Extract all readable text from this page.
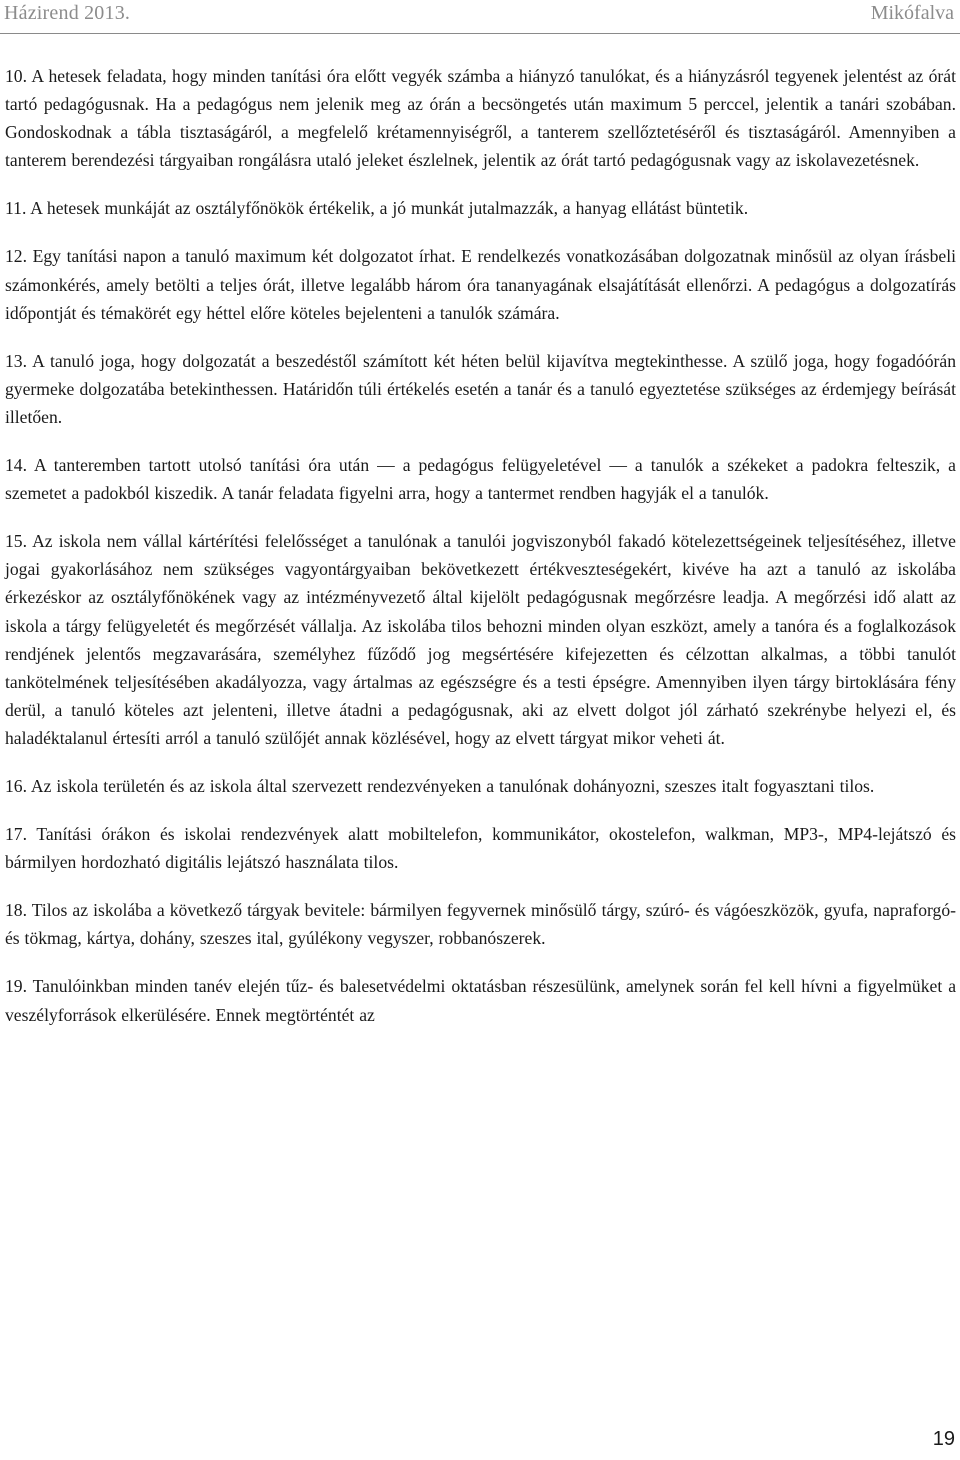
Házirend 2013.	Mikófalva

10. A hetesek feladata, hogy minden tanítási óra előtt vegyék számba a hiányzó tanulókat, és a hiányzásról tegyenek jelentést az órát tartó pedagógusnak. Ha a pedagógus nem jelenik meg az órán a becsöngetés után maximum 5 perccel, jelentik a tanári szobában. Gondoskodnak a tábla tisztaságáról, a megfelelő krétamennyiségről, a tanterem szellőztetéséről és tisztaságáról. Amennyiben a tanterem berendezési tárgyaiban rongálásra utaló jeleket észlelnek, jelentik az órát tartó pedagógusnak vagy az iskolavezetésnek.

11. A hetesek munkáját az osztályfőnökök értékelik, a jó munkát jutalmazzák, a hanyag ellátást büntetik.

12. Egy tanítási napon a tanuló maximum két dolgozatot írhat. E rendelkezés vonatkozásában dolgozatnak minősül az olyan írásbeli számonkérés, amely betölti a teljes órát, illetve legalább három óra tananyagának elsajátítását ellenőrzi. A pedagógus a dolgozatírás időpontját és témakörét egy héttel előre köteles bejelenteni a tanulók számára.

13. A tanuló joga, hogy dolgozatát a beszedéstől számított két héten belül kijavítva megtekinthesse. A szülő joga, hogy fogadóórán gyermeke dolgozatába betekinthessen. Határidőn túli értékelés esetén a tanár és a tanuló egyeztetése szükséges az érdemjegy beírását illetően.

14. A tanteremben tartott utolsó tanítási óra után — a pedagógus felügyeletével — a tanulók a székeket a padokra felteszik, a szemetet a padokból kiszedik. A tanár feladata figyelni arra, hogy a tantermet rendben hagyják el a tanulók.

15. Az iskola nem vállal kártérítési felelősséget a tanulónak a tanulói jogviszonyból fakadó kötelezettségeinek teljesítéséhez, illetve jogai gyakorlásához nem szükséges vagyontárgyaiban bekövetkezett értékveszteségekért, kivéve ha azt a tanuló az iskolába érkezéskor az osztályfőnökének vagy az intézményvezető által kijelölt pedagógusnak megőrzésre leadja. A megőrzési idő alatt az iskola a tárgy felügyeletét és megőrzését vállalja. Az iskolába tilos behozni minden olyan eszközt, amely a tanóra és a foglalkozások rendjének jelentős megzavarására, személyhez fűződő jog megsértésére kifejezetten és célzottan alkalmas, a többi tanulót tankötelmének teljesítésében akadályozza, vagy ártalmas az egészségre és a testi épségre. Amennyiben ilyen tárgy birtoklására fény derül, a tanuló köteles azt jelenteni, illetve átadni a pedagógusnak, aki az elvett dolgot jól zárható szekrénybe helyezi el, és haladéktalanul értesíti arról a tanuló szülőjét annak közlésével, hogy az elvett tárgyat mikor veheti át.

16. Az iskola területén és az iskola által szervezett rendezvényeken a tanulónak dohányozni, szeszes italt fogyasztani tilos.

17. Tanítási órákon és iskolai rendezvények alatt mobiltelefon, kommunikátor, okostelefon, walkman, MP3-, MP4-lejátszó és bármilyen hordozható digitális lejátszó használata tilos.

18. Tilos az iskolába a következő tárgyak bevitele: bármilyen fegyvernek minősülő tárgy, szúró- és vágóeszközök, gyufa, napraforgó- és tökmag, kártya, dohány, szeszes ital, gyúlékony vegyszer, robbanószerek.

19. Tanulóinkban minden tanév elején tűz- és balesetvédelmi oktatásban részesülünk, amelynek során fel kell hívni a figyelmüket a veszélyforrások elkerülésére. Ennek megtörténtét az

19
